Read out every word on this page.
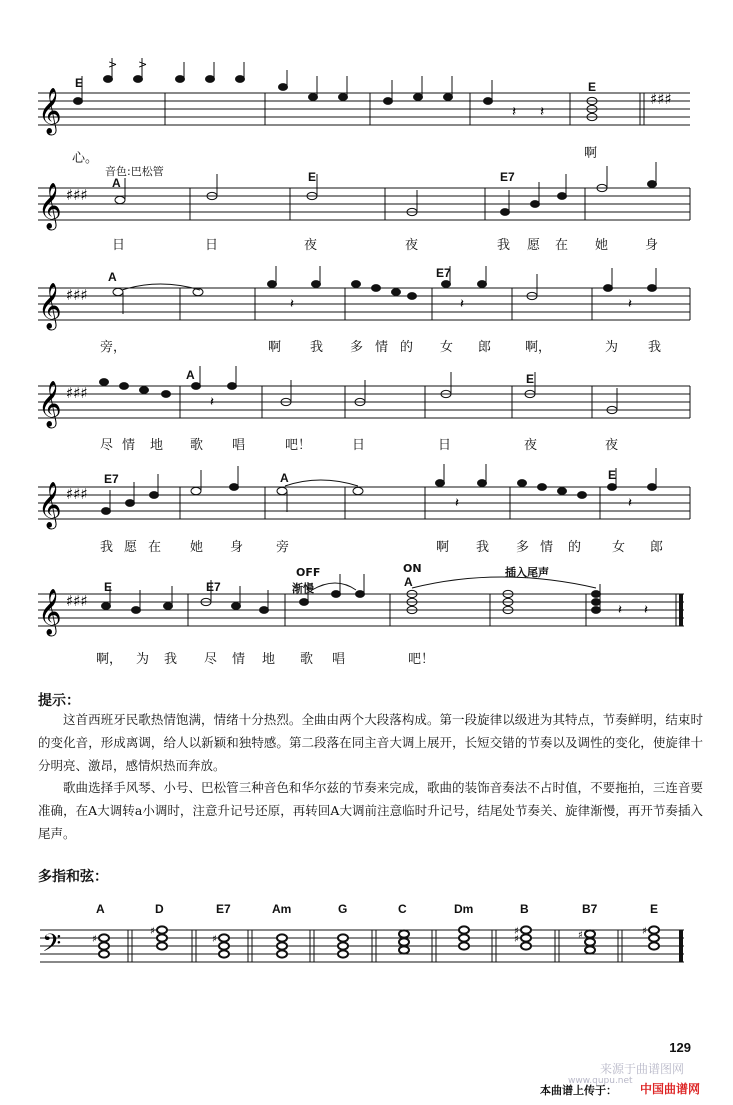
𝄞
> >
𝄽 𝄽
♯♯♯
E	E
心。	啊
𝄞 ♯♯♯
音色:巴松管
A	E	E7
日	日	夜	夜	我 愿 在 她	身
𝄞 ♯♯♯
𝄽	𝄽	𝄽
A	E7
旁，	啊 我 多 情 的 女 郎	啊，	为 我
𝄞 ♯♯♯
𝄽
A	E
尽 情 地 歌 唱	吧！	日	日	夜	夜
𝄞 ♯♯♯
𝄽	𝄽
E7	A	E
我 愿 在 她 身	旁	啊 我 多 情 的 女 郎
𝄞 ♯♯♯
𝄽 𝄽
E	E7
OFF
渐慢
ON
A
插入尾声
啊， 为 我 尽 情 地 歌 唱	吧！
提示：
这首西班牙民歌热情饱满，情绪十分热烈。全曲由两个大段落构成。第一段旋律以级进为其特点，节奏鲜明，结束时的变化音，形成离调，给人以新颖和独特感。第二段落在同主音大调上展开，长短交错的节奏以及调性的变化，使旋律十分明亮、激昂，感情炽热而奔放。
歌曲选择手风琴、小号、巴松管三种音色和华尔兹的节奏来完成，歌曲的装饰音奏法不占时值，不要拖拍，三连音要准确，在A大调转a小调时，注意升记号还原，再转回A大调前注意临时升记号，结尾处节奏关、旋律渐慢，再开节奏插入尾声。
多指和弦：
𝄢	♯
♯
♯
♯
♯	♯	♯
A	D	E7	Am	G	C	Dm	B	B7	E
129
来源于曲谱图网
www.qupu.net
本曲谱上传于： 中国曲谱网
